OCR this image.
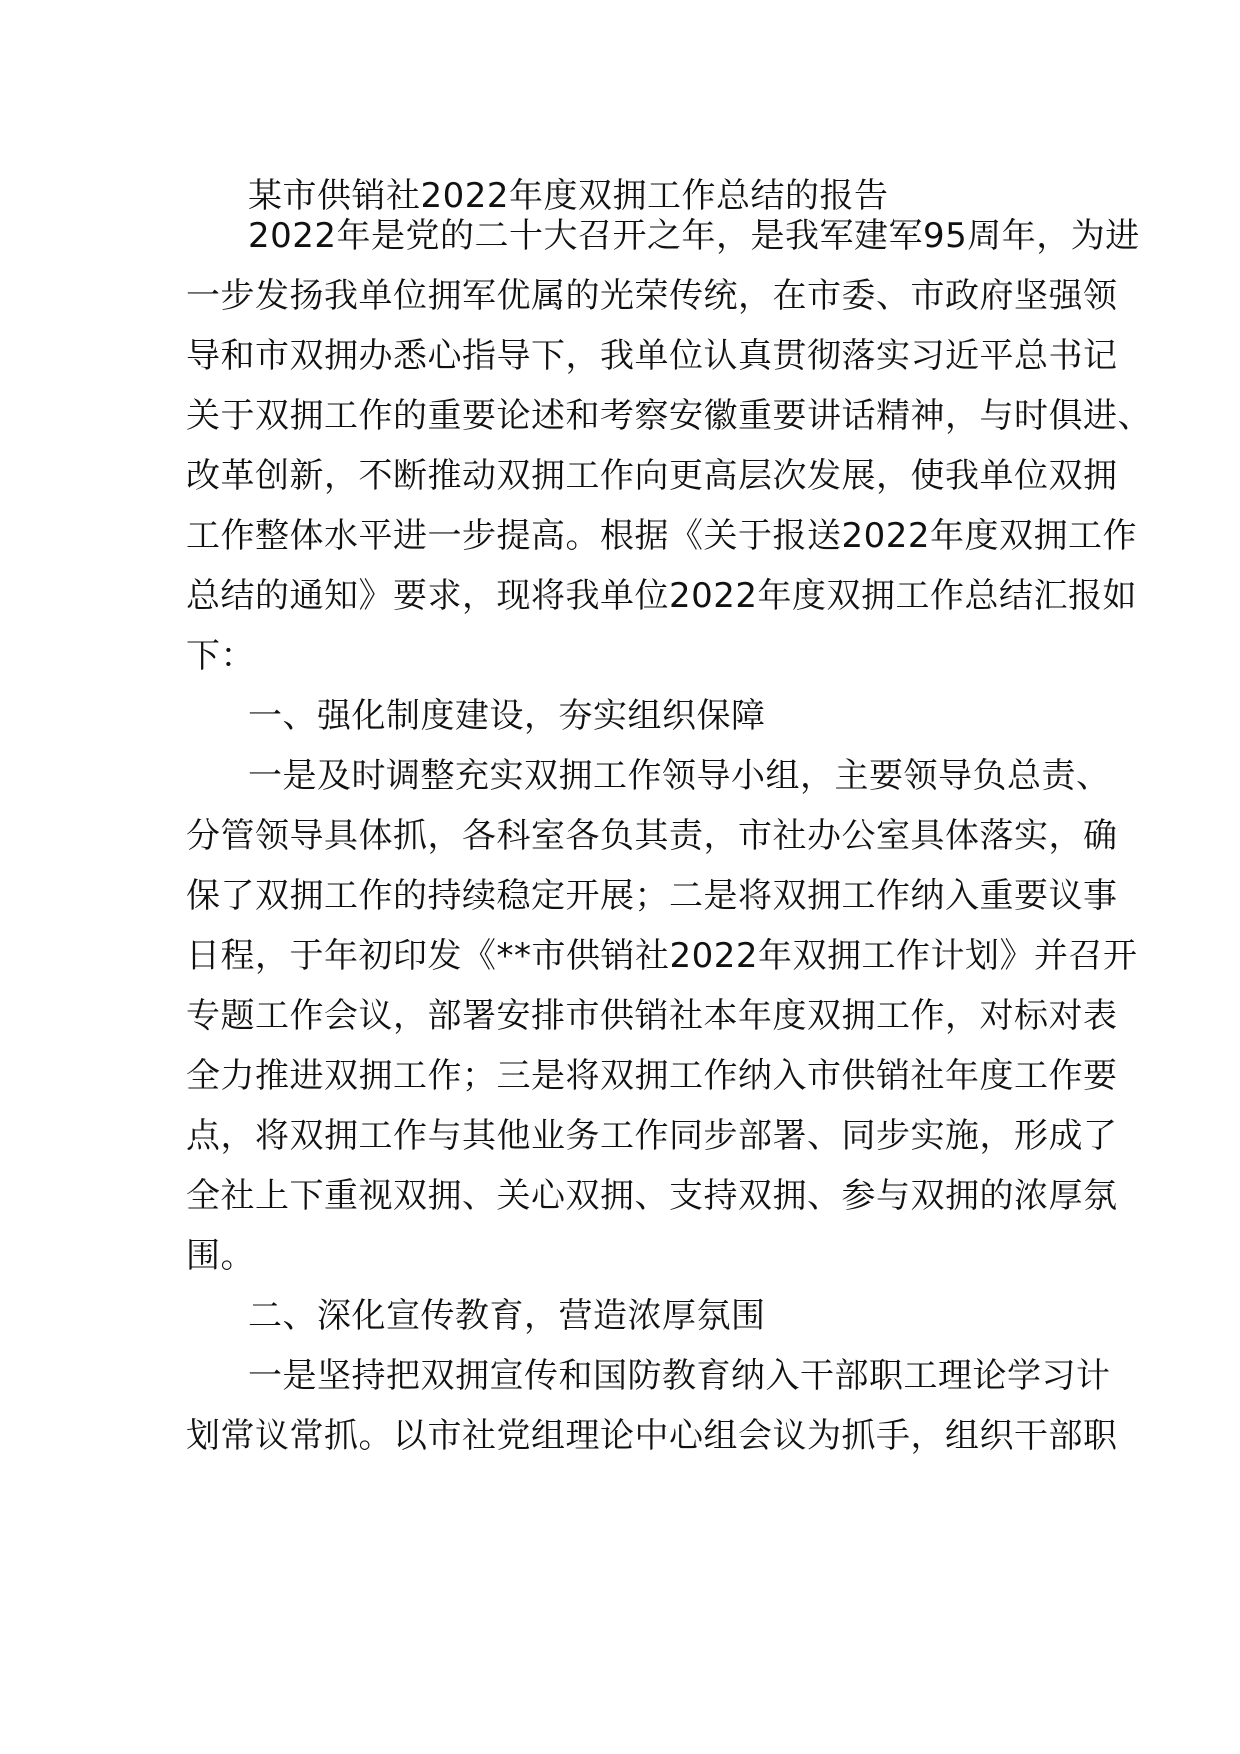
某市供销社2022年度双拥工作总结的报告
2022年是党的二十大召开之年，是我军建军95周年，为进
一步发扬我单位拥军优属的光荣传统，在市委、市政府坚强领
导和市双拥办悉心指导下，我单位认真贯彻落实习近平总书记
关于双拥工作的重要论述和考察安徽重要讲话精神，与时俱进、
改革创新，不断推动双拥工作向更高层次发展，使我单位双拥
工作整体水平进一步提高。根据《关于报送2022年度双拥工作
总结的通知》要求，现将我单位2022年度双拥工作总结汇报如
下：
一、强化制度建设，夯实组织保障
一是及时调整充实双拥工作领导小组，主要领导负总责、
分管领导具体抓，各科室各负其责，市社办公室具体落实，确
保了双拥工作的持续稳定开展；二是将双拥工作纳入重要议事
日程，于年初印发《**市供销社2022年双拥工作计划》并召开
专题工作会议，部署安排市供销社本年度双拥工作，对标对表
全力推进双拥工作；三是将双拥工作纳入市供销社年度工作要
点，将双拥工作与其他业务工作同步部署、同步实施，形成了
全社上下重视双拥、关心双拥、支持双拥、参与双拥的浓厚氛
围。
二、深化宣传教育，营造浓厚氛围
一是坚持把双拥宣传和国防教育纳入干部职工理论学习计
划常议常抓。以市社党组理论中心组会议为抓手，组织干部职
